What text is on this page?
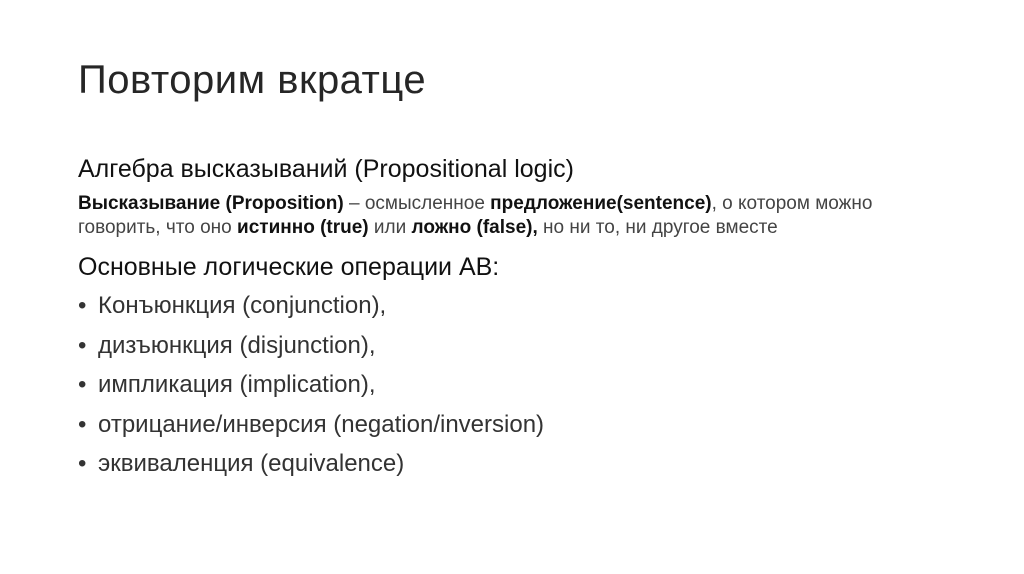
Повторим вкратце
Алгебра высказываний (Propositional logic)
Высказывание (Proposition) – осмысленное предложение(sentence), о котором можно говорить, что оно истинно (true) или ложно (false), но ни то, ни другое вместе
Основные логические операции АВ:
• Конъюнкция (conjunction),
• дизъюнкция (disjunction),
• импликация (implication),
• отрицание/инверсия (negation/inversion)
• эквиваленция (equivalence)
